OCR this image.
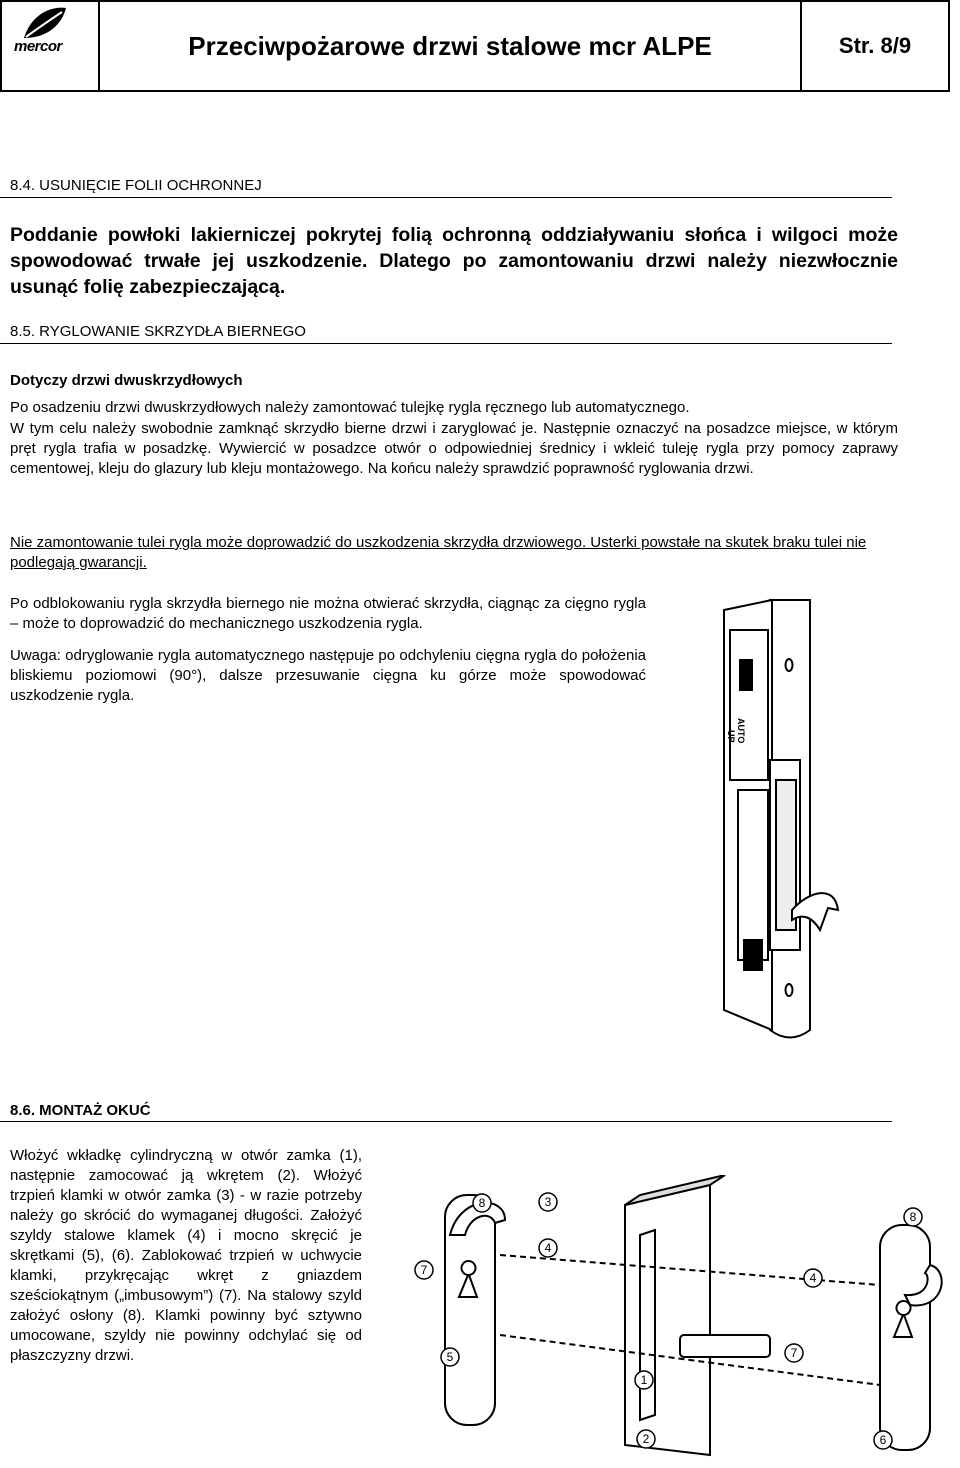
mercor	Przeciwpożarowe drzwi stalowe mcr ALPE	Str. 8/9
8.4. USUNIĘCIE FOLII OCHRONNEJ

Poddanie powłoki lakierniczej pokrytej folią ochronną oddziaływaniu słońca i wilgoci może spowodować trwałe jej uszkodzenie. Dlatego po zamontowaniu drzwi należy niezwłocznie usunąć folię zabezpieczającą.

8.5. RYGLOWANIE SKRZYDŁA BIERNEGO
Dotyczy drzwi dwuskrzydłowych

Po osadzeniu drzwi dwuskrzydłowych należy zamontować tulejkę rygla ręcznego lub automatycznego.

W tym celu należy swobodnie zamknąć skrzydło bierne drzwi i zaryglować je. Następnie oznaczyć na posadzce miejsce, w którym pręt rygla trafia w posadzkę. Wywiercić w posadzce otwór o odpowiedniej średnicy i wkleić tuleję rygla przy pomocy zaprawy cementowej, kleju do glazury lub kleju montażowego. Na końcu należy sprawdzić poprawność ryglowania drzwi.

Nie zamontowanie tulei rygla może doprowadzić do uszkodzenia skrzydła drzwiowego. Usterki powstałe na skutek braku tulei nie podlegają gwarancji.

Po odblokowaniu rygla skrzydła biernego nie można otwierać skrzydła, ciągnąc za cięgno rygla – może to doprowadzić do mechanicznego uszkodzenia rygla.

Uwaga: odryglowanie rygla automatycznego następuje po odchyleniu cięgna rygla do położenia bliskiemu poziomowi (90°), dalsze przesuwanie cięgna ku górze może spowodować uszkodzenie rygla.

AUTO
UP
8.6. MONTAŻ OKUĆ

Włożyć wkładkę cylindryczną w otwór zamka (1), następnie zamocować ją wkrętem (2). Włożyć trzpień klamki w otwór zamka (3) - w razie potrzeby należy go skrócić do wymaganej długości. Założyć szyldy stalowe klamek (4) i mocno skręcić je skrętkami (5), (6). Zablokować trzpień w uchwycie klamki, przykręcając wkręt z gniazdem sześciokątnym („imbusowym”) (7). Na stalowy szyld założyć osłony (8). Klamki powinny być sztywno umocowane, szyldy nie powinny odchylać się od płaszczyzny drzwi.

1
2
3
4
4
5
6
7
7
8
8
